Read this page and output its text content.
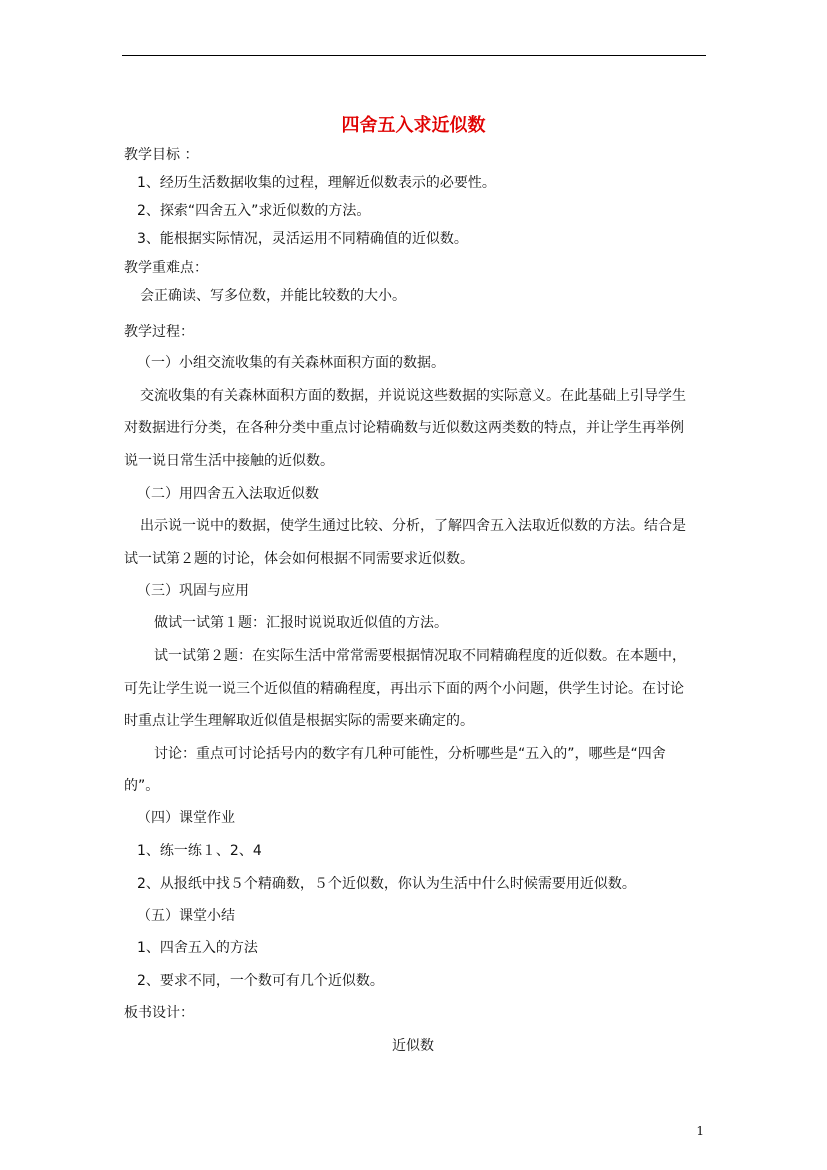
四舍五入求近似数
教学目标 ：
1、经历生活数据收集的过程，理解近似数表示的必要性。
2、探索“四舍五入”求近似数的方法。
3、能根据实际情况，灵活运用不同精确值的近似数。
教学重难点：
会正确读、写多位数，并能比较数的大小。
教学过程：
（一）小组交流收集的有关森林面积方面的数据。
交流收集的有关森林面积方面的数据，并说说这些数据的实际意义。在此基础上引导学生
对数据进行分类，在各种分类中重点讨论精确数与近似数这两类数的特点，并让学生再举例
说一说日常生活中接触的近似数。
（二）用四舍五入法取近似数
出示说一说中的数据，使学生通过比较、分析，了解四舍五入法取近似数的方法。结合是
试一试第２题的讨论，体会如何根据不同需要求近似数。
（三）巩固与应用
做试一试第１题：汇报时说说取近似值的方法。
试一试第２题：在实际生活中常常需要根据情况取不同精确程度的近似数。在本题中，
可先让学生说一说三个近似值的精确程度，再出示下面的两个小问题，供学生讨论。在讨论
时重点让学生理解取近似值是根据实际的需要来确定的。
讨论：重点可讨论括号内的数字有几种可能性，分析哪些是“五入的”，哪些是“四舍
的”。
（四）课堂作业
1、练一练１、2、4
2、从报纸中找５个精确数，５个近似数，你认为生活中什么时候需要用近似数。
（五）课堂小结
1、四舍五入的方法
2、要求不同，一个数可有几个近似数。
板书设计：
近似数
1
